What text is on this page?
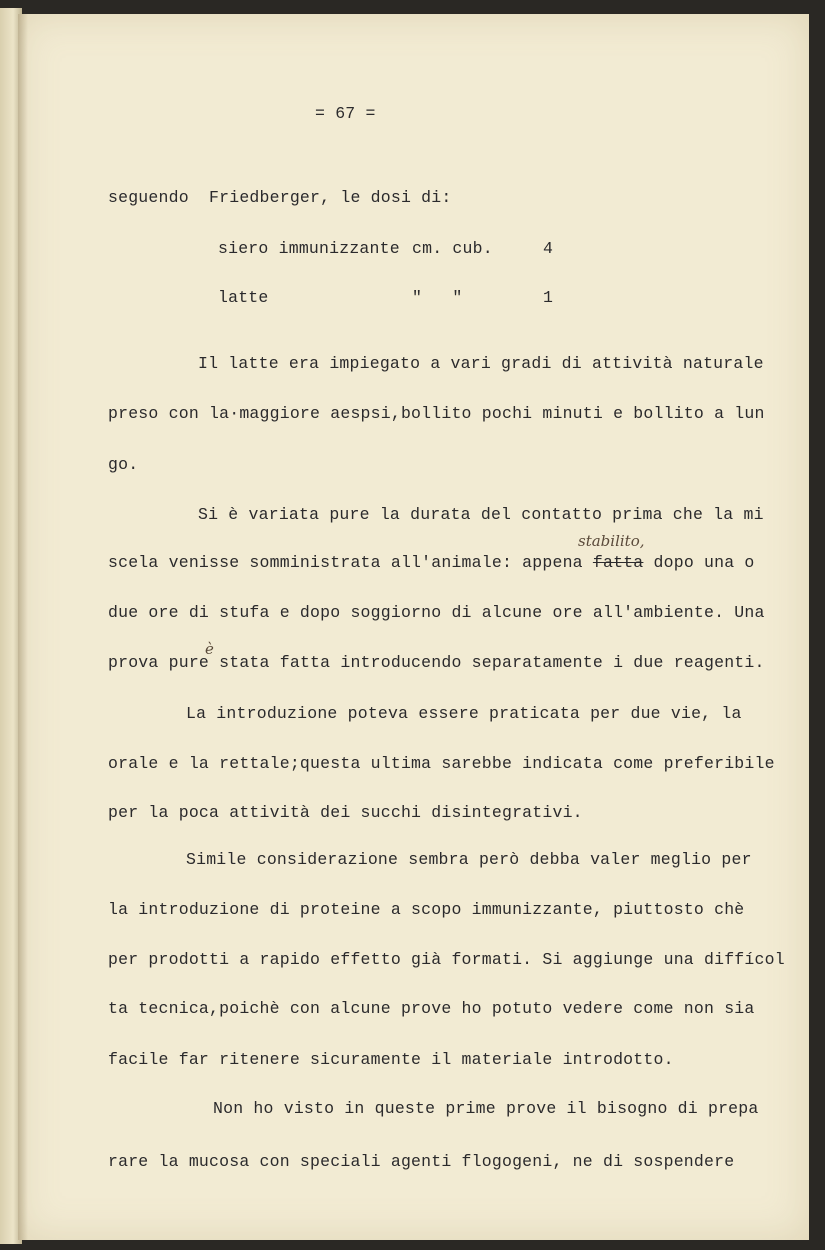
= 67 =

seguendo  Friedberger, le dosi di:

siero immunizzante cm. cub.	4

latte	"   "	1

Il latte era impiegato a vari gradi di attività naturale

preso con la·maggiore aespsi,bollito pochi minuti e bollito a lun

go.

Si è variata pure la durata del contatto prima che la mi

stabilito,

scela venisse somministrata all'animale: appena fatta dopo una o

due ore di stufa e dopo soggiorno di alcune ore all'ambiente. Una

è

prova pure stata fatta introducendo separatamente i due reagenti.

La introduzione poteva essere praticata per due vie, la

orale e la rettale;questa ultima sarebbe indicata come preferibile

per la poca attività dei succhi disintegrativi.

Simile considerazione sembra però debba valer meglio per

la introduzione di proteine a scopo immunizzante, piuttosto chè

per prodotti a rapido effetto già formati. Si aggiunge una diffícol

ta tecnica,poichè con alcune prove ho potuto vedere come non sia

facile far ritenere sicuramente il materiale introdotto.

Non ho visto in queste prime prove il bisogno di prepa

rare la mucosa con speciali agenti flogogeni, ne di sospendere
